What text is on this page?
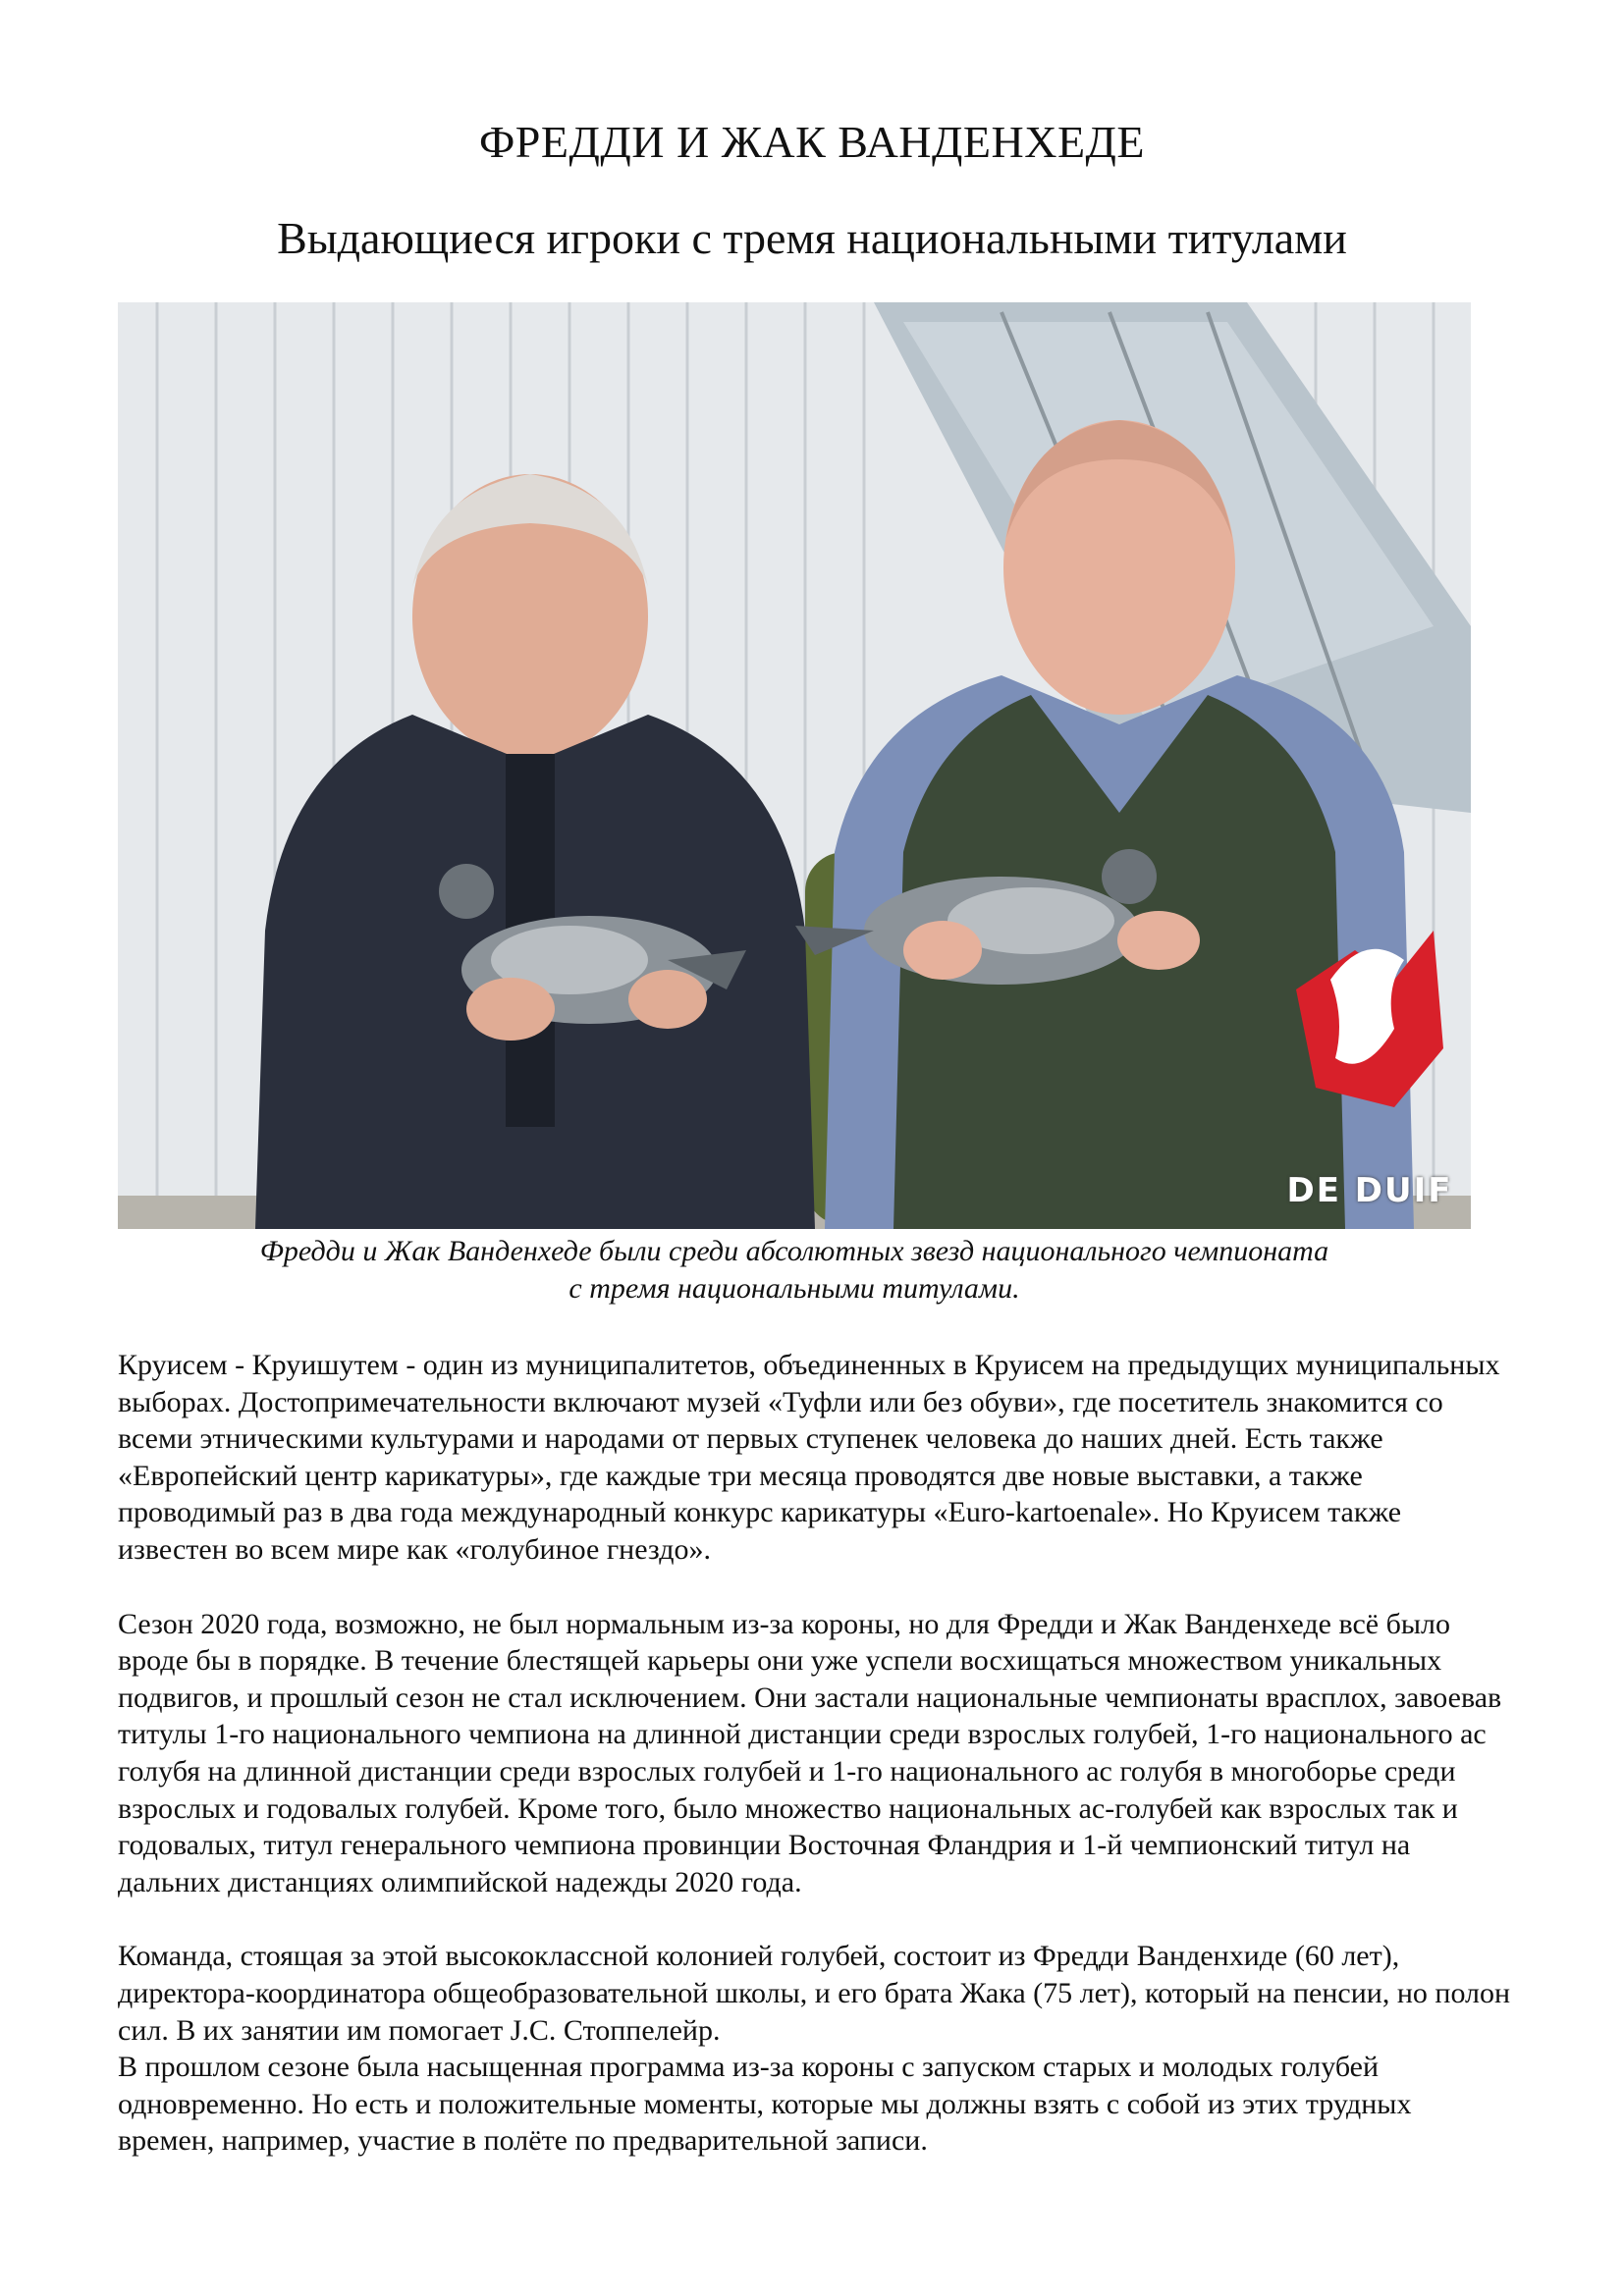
ФРЕДДИ И ЖАК ВАНДЕНХЕДЕ
Выдающиеся игроки с тремя национальными титулами
DE DUIF

Фредди и Жак Ванденхеде были среди абсолютных звезд национального чемпионата
с тремя национальными титулами.

Круисем - Круишутем - один из муниципалитетов, объединенных в Круисем на предыдущих муниципальных выборах. Достопримечательности включают музей «Туфли или без обуви», где посетитель знакомится со всеми этническими культурами и народами от первых ступенек человека до наших дней. Есть также «Европейский центр карикатуры», где каждые три месяца проводятся две новые выставки, а также проводимый раз в два года международный конкурс карикатуры «Euro-kartoenale». Но Круисем также известен во всем мире как «голубиное гнездо».

Сезон 2020 года, возможно, не был нормальным из-за короны, но для Фредди и Жак Ванденхеде всё было вроде бы в порядке. В течение блестящей карьеры они уже успели восхищаться множеством уникальных подвигов, и прошлый сезон не стал исключением. Они застали национальные чемпионаты врасплох, завоевав титулы 1-го национального чемпиона на длинной дистанции среди взрослых голубей, 1-го национального ас голубя на длинной дистанции среди взрослых голубей и 1-го национального ас голубя в многоборье среди взрослых и годовалых голубей. Кроме того, было множество национальных ас-голубей как взрослых так и годовалых, титул генерального чемпиона провинции Восточная Фландрия и 1-й чемпионский титул на дальних дистанциях олимпийской надежды 2020 года.

Команда, стоящая за этой высококлассной колонией голубей, состоит из Фредди Ванденхиде (60 лет), директора-координатора общеобразовательной школы, и его брата Жака (75 лет), который на пенсии, но полон сил. В их занятии им помогает J.C. Стоппелейр.

В прошлом сезоне была насыщенная программа из-за короны с запуском старых и молодых голубей одновременно. Но есть и положительные моменты, которые мы должны взять с собой из этих трудных времен, например, участие в полёте по предварительной записи.
